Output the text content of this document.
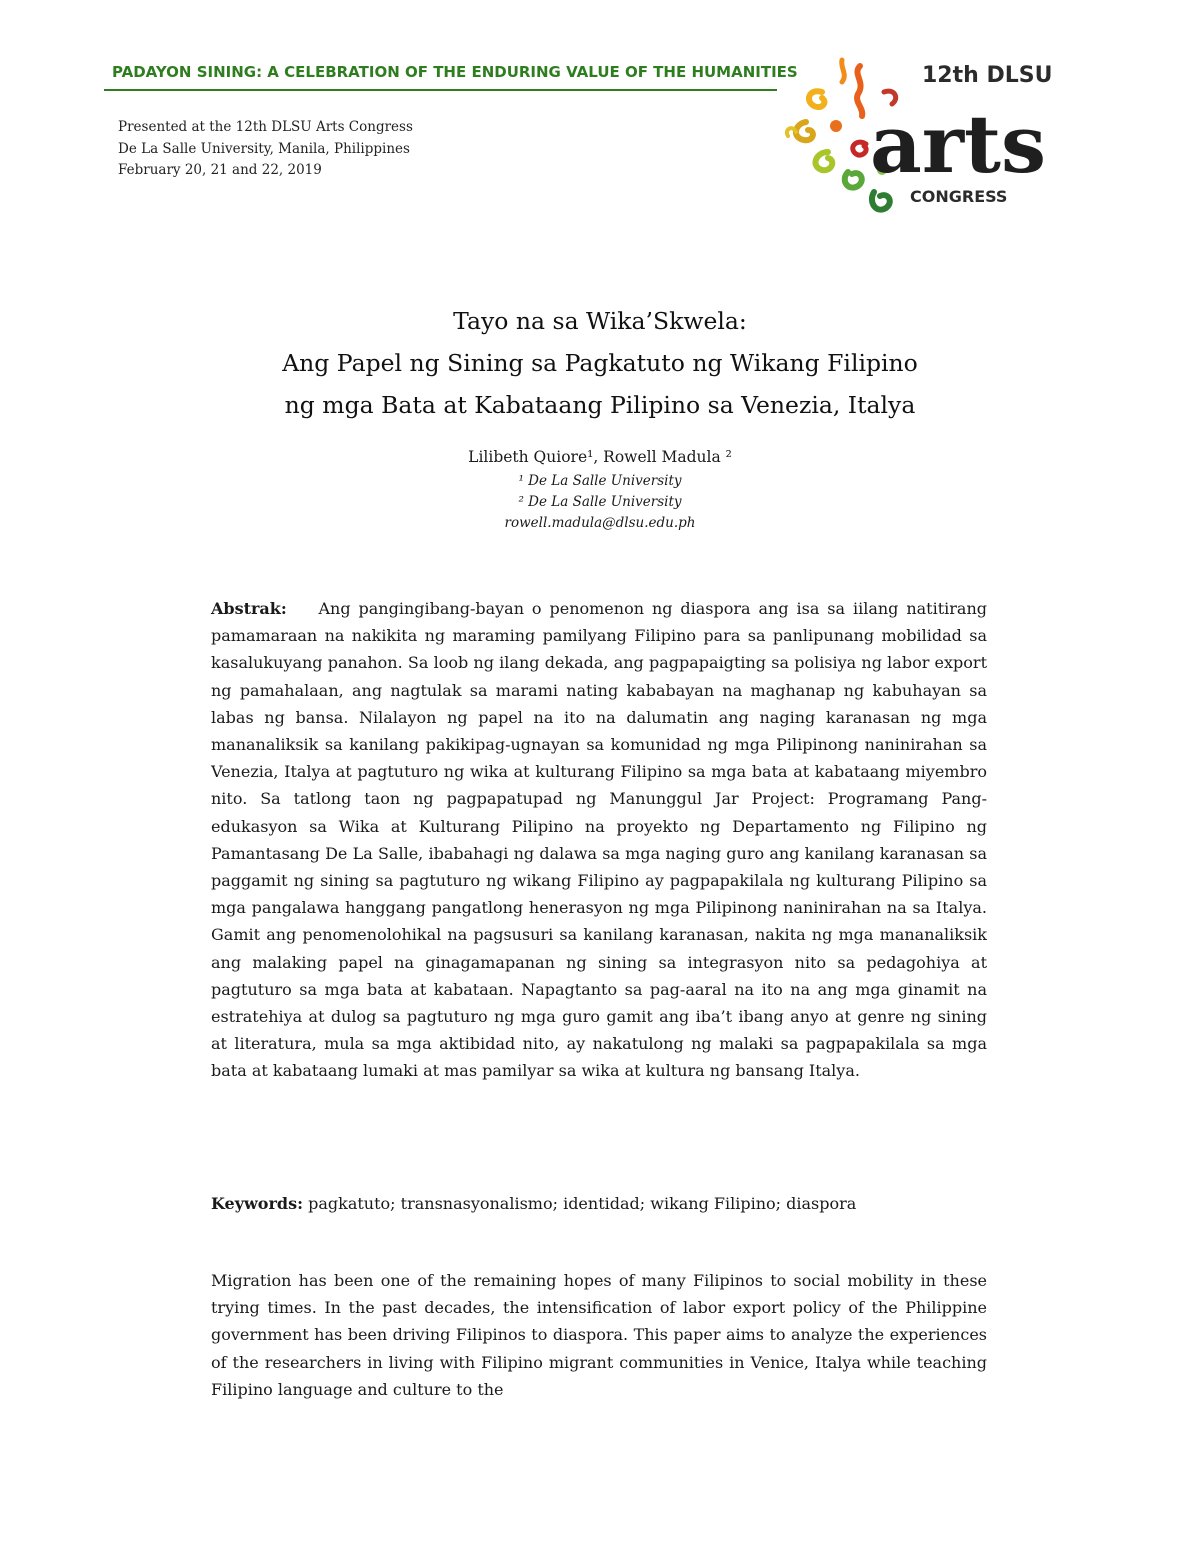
PADAYON SINING: A CELEBRATION OF THE ENDURING VALUE OF THE HUMANITIES
Presented at the 12th DLSU Arts Congress
De La Salle University, Manila, Philippines
February 20, 21 and 22, 2019
12th DLSU
arts
CONGRESS
Tayo na sa Wika’Skwela:
Ang Papel ng Sining sa Pagkatuto ng Wikang Filipino
ng mga Bata at Kabataang Pilipino sa Venezia, Italya
Lilibeth Quiore¹, Rowell Madula ²
¹ De La Salle University
² De La Salle University
rowell.madula@dlsu.edu.ph
Abstrak: Ang pangingibang-bayan o penomenon ng diaspora ang isa sa iilang natitirang pamamaraan na nakikita ng maraming pamilyang Filipino para sa panlipunang mobilidad sa kasalukuyang panahon. Sa loob ng ilang dekada, ang pagpapaigting sa polisiya ng labor export ng pamahalaan, ang nagtulak sa marami nating kababayan na maghanap ng kabuhayan sa labas ng bansa. Nilalayon ng papel na ito na dalumatin ang naging karanasan ng mga mananaliksik sa kanilang pakikipag-ugnayan sa komunidad ng mga Pilipinong naninirahan sa Venezia, Italya at pagtuturo ng wika at kulturang Filipino sa mga bata at kabataang miyembro nito. Sa tatlong taon ng pagpapatupad ng Manunggul Jar Project: Programang Pang-edukasyon sa Wika at Kulturang Pilipino na proyekto ng Departamento ng Filipino ng Pamantasang De La Salle, ibabahagi ng dalawa sa mga naging guro ang kanilang karanasan sa paggamit ng sining sa pagtuturo ng wikang Filipino ay pagpapakilala ng kulturang Pilipino sa mga pangalawa hanggang pangatlong henerasyon ng mga Pilipinong naninirahan na sa Italya. Gamit ang penomenolohikal na pagsusuri sa kanilang karanasan, nakita ng mga mananaliksik ang malaking papel na ginagamapanan ng sining sa integrasyon nito sa pedagohiya at pagtuturo sa mga bata at kabataan. Napagtanto sa pag-aaral na ito na ang mga ginamit na estratehiya at dulog sa pagtuturo ng mga guro gamit ang iba’t ibang anyo at genre ng sining at literatura, mula sa mga aktibidad nito, ay nakatulong ng malaki sa pagpapakilala sa mga bata at kabataang lumaki at mas pamilyar sa wika at kultura ng bansang Italya.
Keywords: pagkatuto; transnasyonalismo; identidad; wikang Filipino; diaspora
Migration has been one of the remaining hopes of many Filipinos to social mobility in these trying times. In the past decades, the intensification of labor export policy of the Philippine government has been driving Filipinos to diaspora. This paper aims to analyze the experiences of the researchers in living with Filipino migrant communities in Venice, Italya while teaching Filipino language and culture to the
